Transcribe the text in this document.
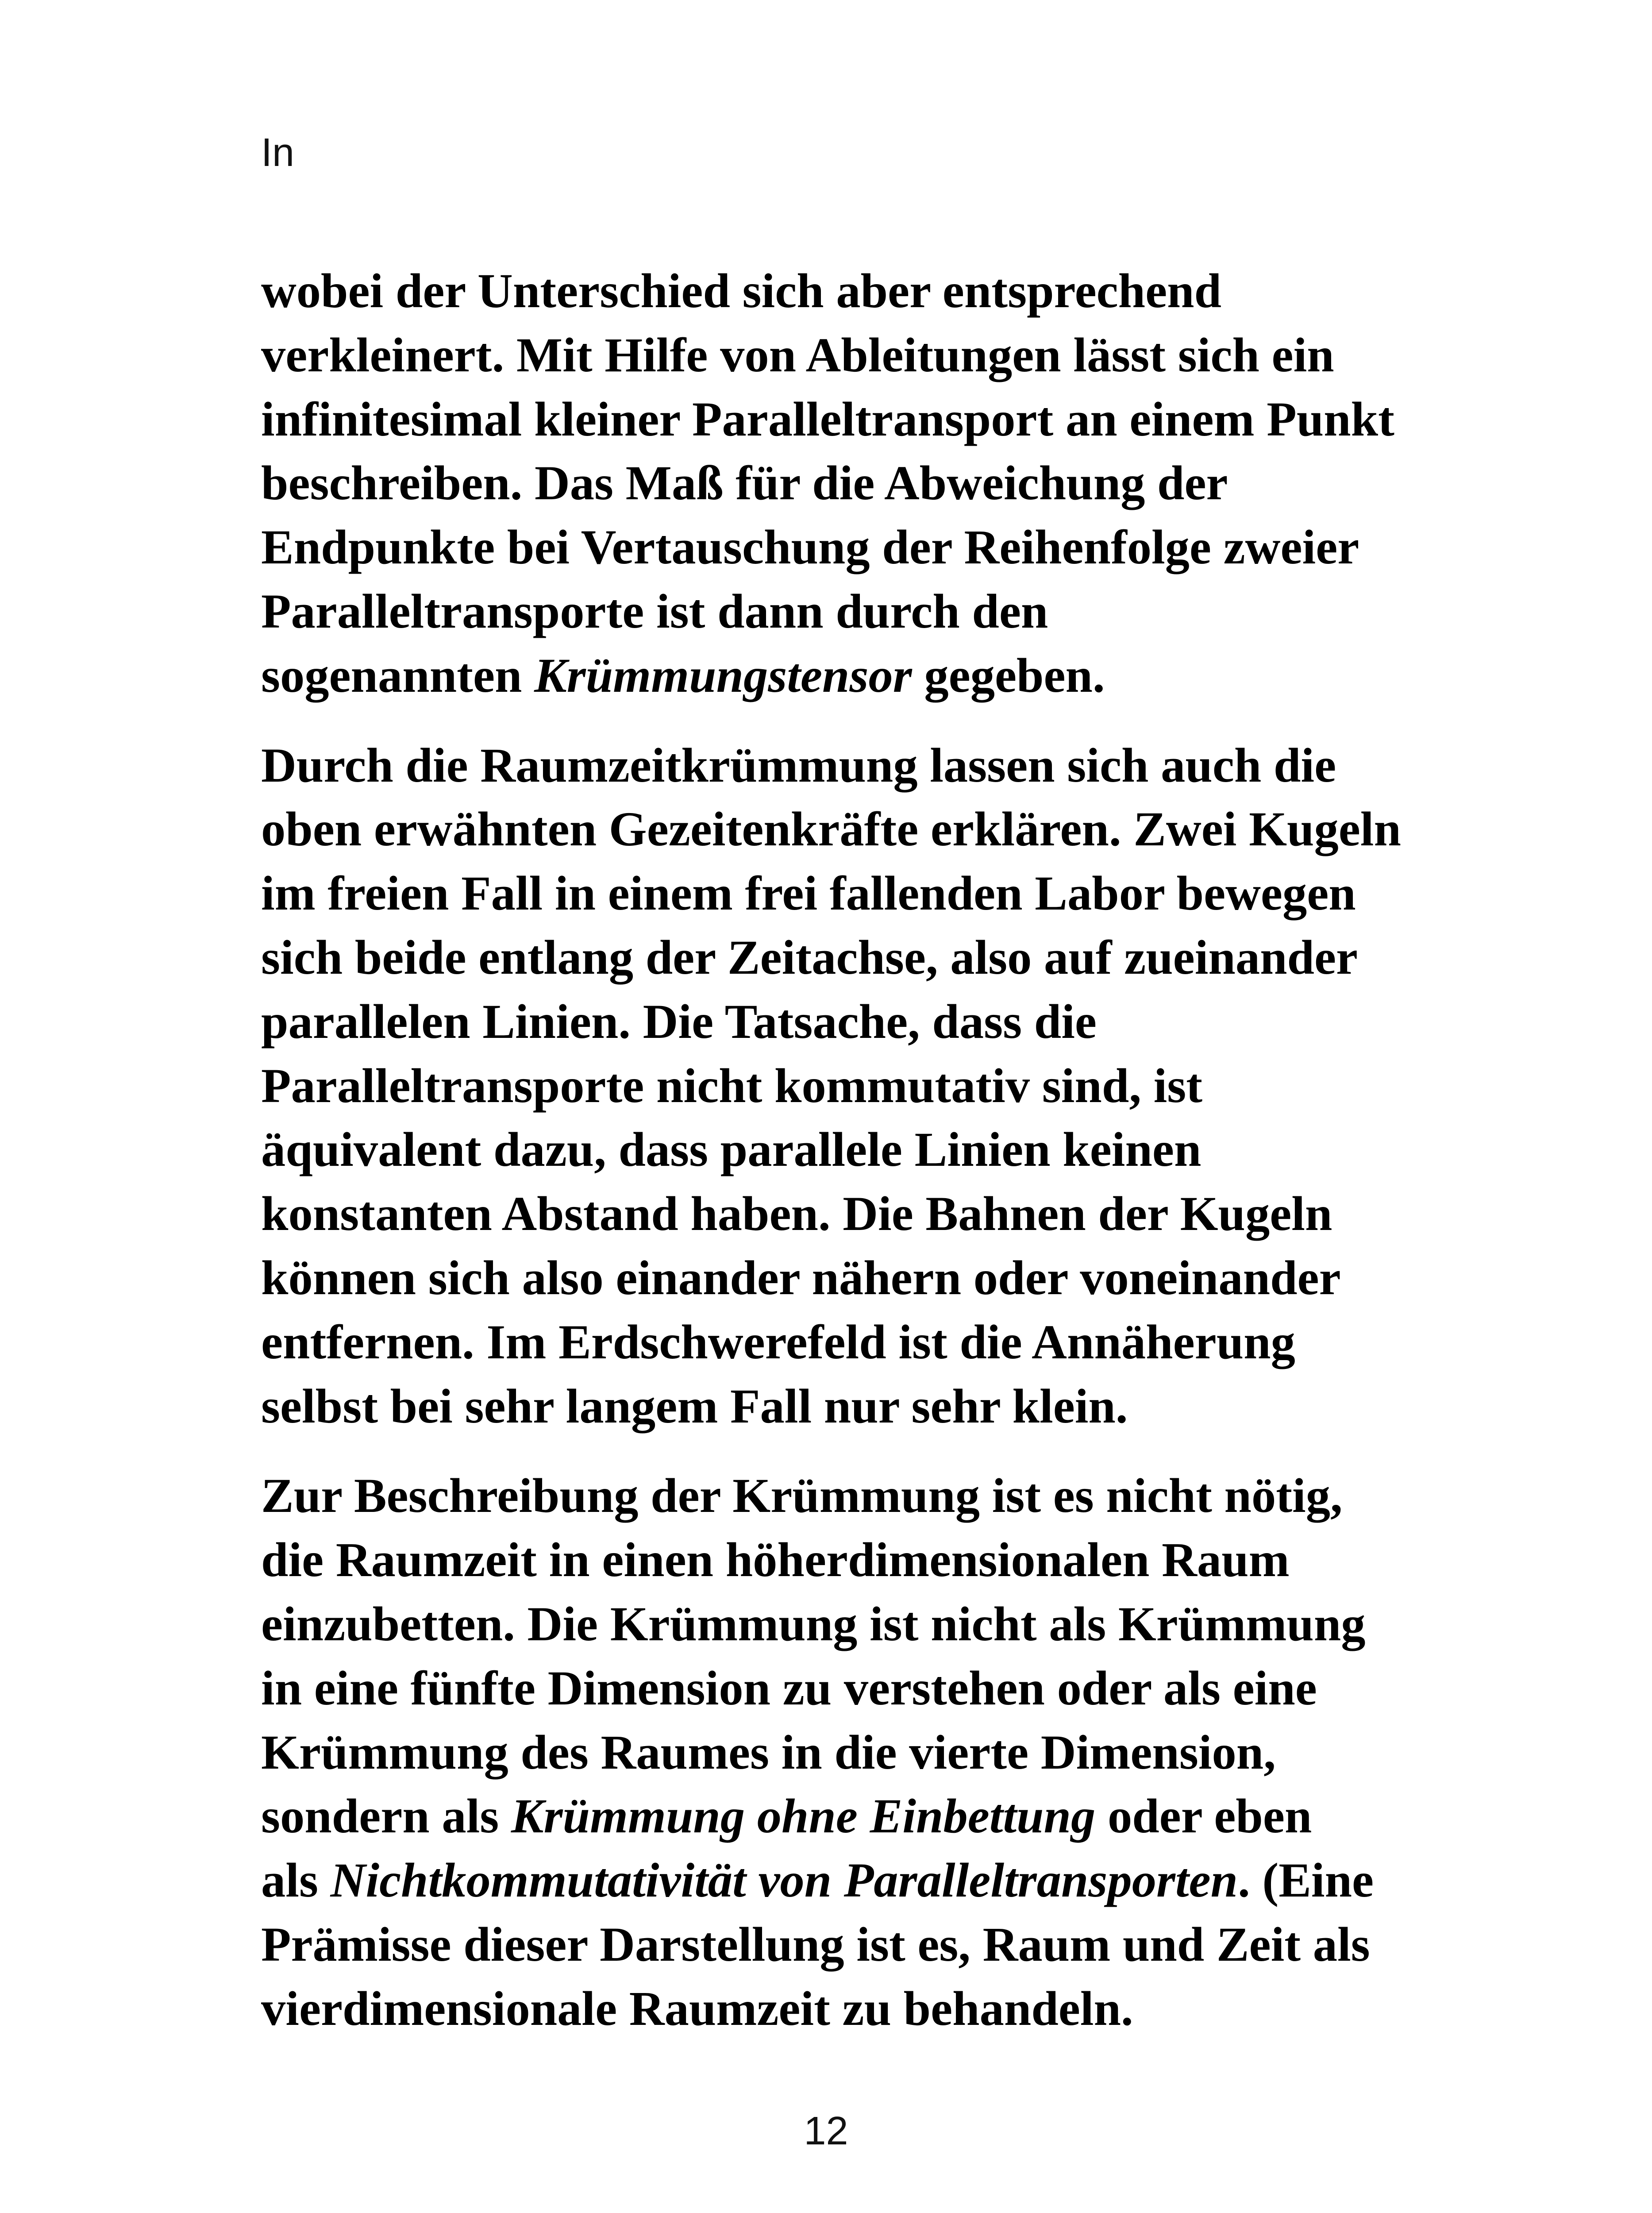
In

wobei der Unterschied sich aber entsprechend
verkleinert. Mit Hilfe von Ableitungen lässt sich ein
infinitesimal kleiner Paralleltransport an einem Punkt
beschreiben. Das Maß für die Abweichung der
Endpunkte bei Vertauschung der Reihenfolge zweier
Paralleltransporte ist dann durch den
sogenannten Krümmungstensor gegeben.

Durch die Raumzeitkrümmung lassen sich auch die
oben erwähnten Gezeitenkräfte erklären. Zwei Kugeln
im freien Fall in einem frei fallenden Labor bewegen
sich beide entlang der Zeitachse, also auf zueinander
parallelen Linien. Die Tatsache, dass die
Paralleltransporte nicht kommutativ sind, ist
äquivalent dazu, dass parallele Linien keinen
konstanten Abstand haben. Die Bahnen der Kugeln
können sich also einander nähern oder voneinander
entfernen. Im Erdschwerefeld ist die Annäherung
selbst bei sehr langem Fall nur sehr klein.

Zur Beschreibung der Krümmung ist es nicht nötig,
die Raumzeit in einen höherdimensionalen Raum
einzubetten. Die Krümmung ist nicht als Krümmung
in eine fünfte Dimension zu verstehen oder als eine
Krümmung des Raumes in die vierte Dimension,
sondern als Krümmung ohne Einbettung oder eben
als Nichtkommutativität von Paralleltransporten. (Eine
Prämisse dieser Darstellung ist es, Raum und Zeit als
vierdimensionale Raumzeit zu behandeln.

12
